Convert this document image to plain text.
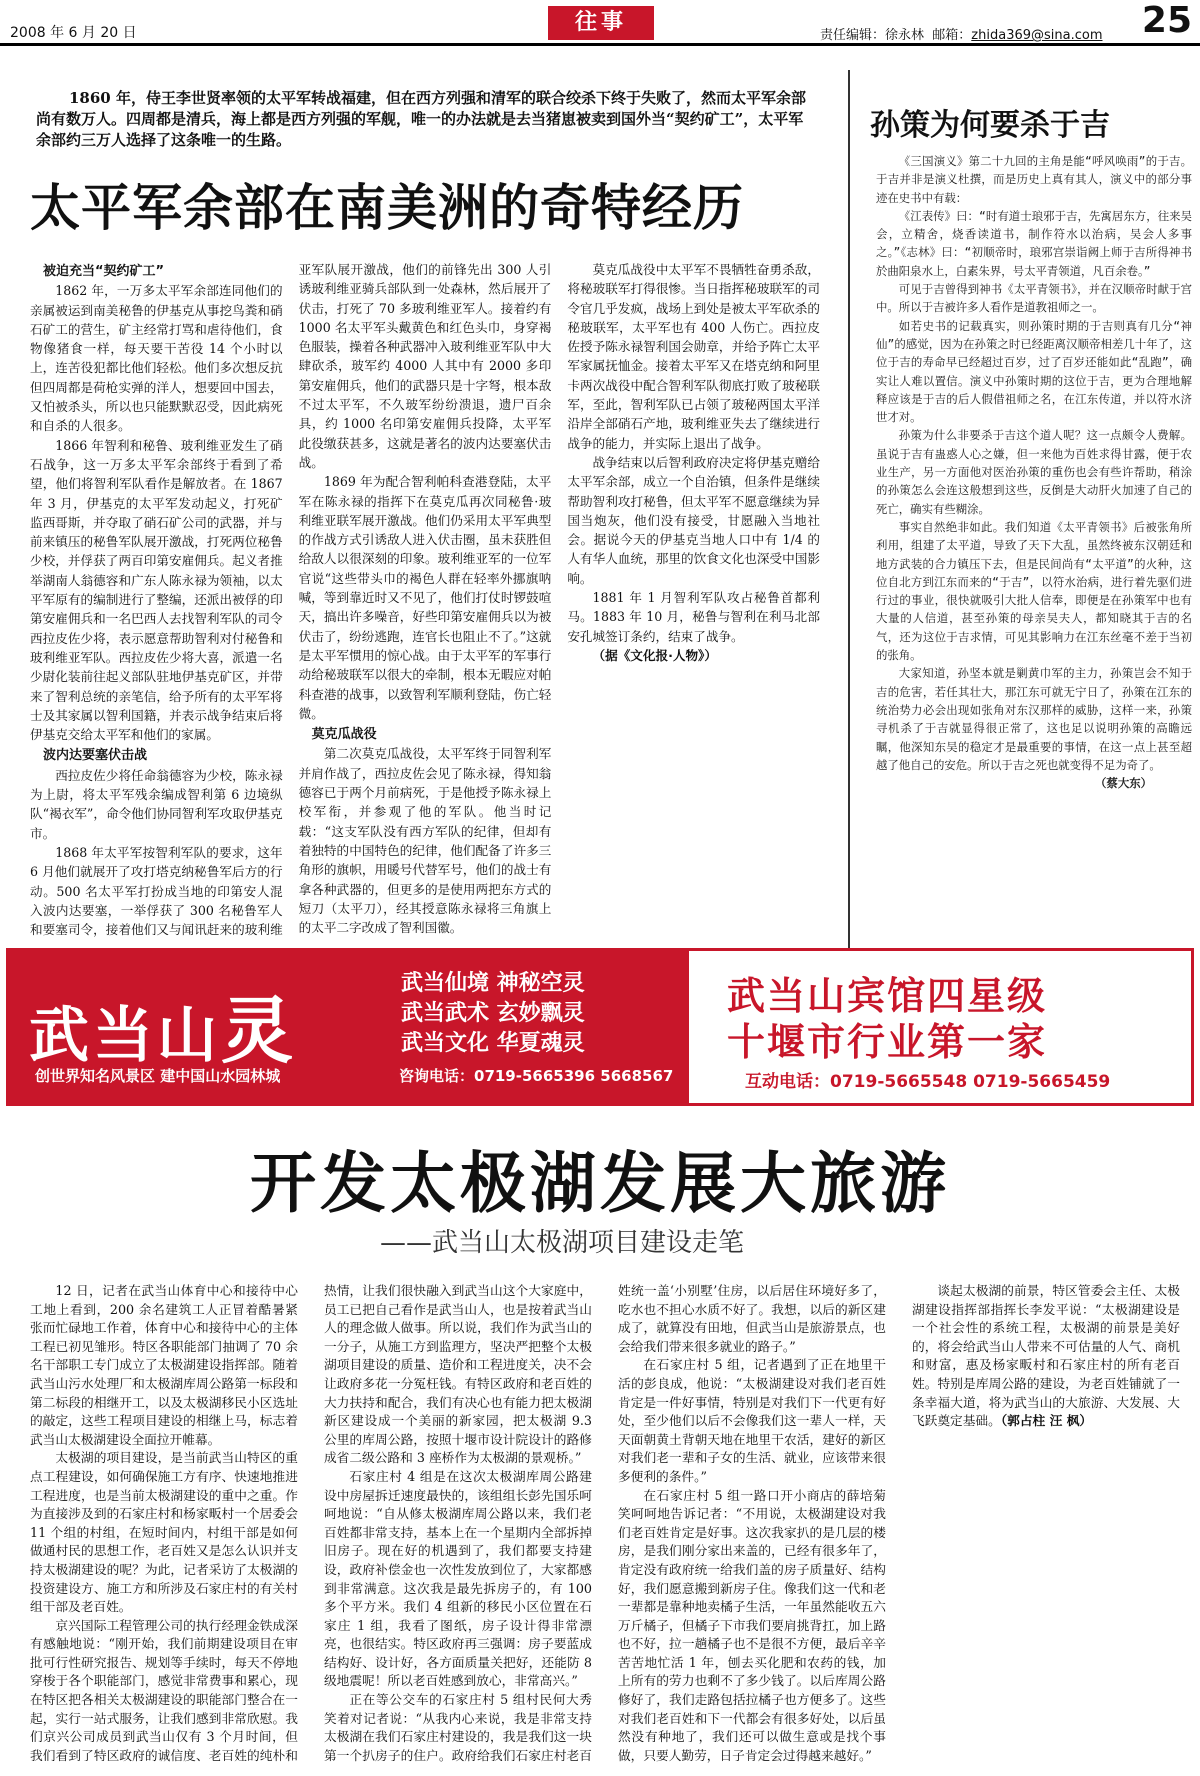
2008 年 6 月 20 日	往事
责任编辑：徐永林 邮箱：zhida369@sina.com 25

1860 年，侍王李世贤率领的太平军转战福建，但在西方列强和清军的联合绞杀下终于失败了，然而太平军余部尚有数万人。四周都是清兵，海上都是西方列强的军舰，唯一的办法就是去当猪崽被卖到国外当“契约矿工”，太平军余部约三万人选择了这条唯一的生路。

太平军余部在南美洲的奇特经历
被迫充当“契约矿工”

1862 年，一万多太平军余部连同他们的亲属被运到南美秘鲁的伊基克从事挖鸟粪和硝石矿工的营生，矿主经常打骂和虐待他们，食物像猪食一样，每天要干苦役 14 个小时以上，连苦役犯都比他们轻松。他们多次想反抗但四周都是荷枪实弹的洋人，想要回中国去，又怕被杀头，所以也只能默默忍受，因此病死和自杀的人很多。

1866 年智利和秘鲁、玻利维亚发生了硝石战争，这一万多太平军余部终于看到了希望，他们将智利军队看作是解放者。在 1867 年 3 月，伊基克的太平军发动起义，打死矿监西哥斯，并夺取了硝石矿公司的武器，并与前来镇压的秘鲁军队展开激战，打死两位秘鲁少校，并俘获了两百印第安雇佣兵。起义者推举湖南人翁德容和广东人陈永禄为领袖，以太平军原有的编制进行了整编，还派出被俘的印第安雇佣兵和一名巴西人去找智利军队的司令西拉皮佐少将，表示愿意帮助智利对付秘鲁和玻利维亚军队。西拉皮佐少将大喜，派遣一名少尉化装前往起义部队驻地伊基克矿区，并带来了智利总统的亲笔信，给予所有的太平军将士及其家属以智利国籍，并表示战争结束后将伊基克交给太平军和他们的家属。

波内达要塞伏击战

西拉皮佐少将任命翁德容为少校，陈永禄为上尉，将太平军残余编成智利第 6 边境纵队“褐衣军”，命令他们协同智利军攻取伊基克市。

1868 年太平军按智利军队的要求，这年 6 月他们就展开了攻打塔克纳秘鲁军后方的行动。500 名太平军打扮成当地的印第安人混入波内达要塞，一举俘获了 300 名秘鲁军人和要塞司令，接着他们又与闻讯赶来的玻利维亚军队展开激战，他们的前锋先出 300 人引诱玻利维亚骑兵部队到一处森林，然后展开了伏击，打死了 70 多玻利维亚军人。接着约有 1000 名太平军头戴黄色和红色头巾，身穿褐色服装，操着各种武器冲入玻利维亚军队中大肆砍杀，玻军约 4000 人其中有 2000 多印第安雇佣兵，他们的武器只是十字弩，根本敌不过太平军，不久玻军纷纷溃退，遗尸百余具，约 1000 名印第安雇佣兵投降，太平军此役缴获甚多，这就是著名的波内达要塞伏击战。

1869 年为配合智利帕科查港登陆，太平军在陈永禄的指挥下在莫克瓜再次同秘鲁·玻利维亚联军展开激战。他们仍采用太平军典型的作战方式引诱敌人进入伏击圈，虽未获胜但给敌人以很深刻的印象。玻利维亚军的一位军官说“这些带头巾的褐色人群在轻率外挪旗呐喊，等到靠近时又不见了，他们打仗时锣鼓喧天，搞出许多噪音，好些印第安雇佣兵以为被伏击了，纷纷逃跑，连官长也阻止不了。”这就是太平军惯用的惊心战。由于太平军的军事行动给秘玻联军以很大的牵制，根本无暇应对帕科查港的战事，以致智利军顺利登陆，伤亡轻微。

莫克瓜战役

第二次莫克瓜战役，太平军终于同智利军并肩作战了，西拉皮佐会见了陈永禄，得知翁德容已于两个月前病死，于是他授予陈永禄上校军衔，并参观了他的军队。他当时记载：“这支军队没有西方军队的纪律，但却有着独特的中国特色的纪律，他们配备了许多三角形的旗帜，用暖号代替军号，他们的战士有拿各种武器的，但更多的是使用两把东方式的短刀（太平刀），经其授意陈永禄将三角旗上的太平二字改成了智利国徽。

莫克瓜战役中太平军不畏牺牲奋勇杀敌，将秘玻联军打得很惨。当日指挥秘玻联军的司令官几乎发疯，战场上到处是被太平军砍杀的秘玻联军，太平军也有 400 人伤亡。西拉皮佐授予陈永禄智利国会勋章，并给予阵亡太平军家属抚恤金。接着太平军又在塔克纳和阿里卡两次战役中配合智利军队彻底打败了玻秘联军，至此，智利军队已占领了玻秘两国太平洋沿岸全部硝石产地，玻利维亚失去了继续进行战争的能力，并实际上退出了战争。

战争结束以后智利政府决定将伊基克赠给太平军余部，成立一个自治镇，但条件是继续帮助智利攻打秘鲁，但太平军不愿意继续为异国当炮灰，他们没有接受，甘愿融入当地社会。据说今天的伊基克当地人口中有 1/4 的人有华人血统，那里的饮食文化也深受中国影响。

1881 年 1 月智利军队攻占秘鲁首都利马。1883 年 10 月，秘鲁与智利在利马北部安孔城签订条约，结束了战争。

（据《文化报·人物》）

孙策为何要杀于吉

《三国演义》第二十九回的主角是能“呼风唤雨”的于吉。于吉并非是演义杜撰，而是历史上真有其人，演义中的部分事迹在史书中有载：

《江表传》曰：“时有道士琅邪于吉，先寓居东方，往来吴会，立精舍，烧香读道书，制作符水以治病，吴会人多事之。”《志林》曰：“初顺帝时，琅邪宫崇诣阙上师于吉所得神书於曲阳泉水上，白素朱界，号太平青领道，凡百余卷。”

可见于吉曾得到神书《太平青领书》，并在汉顺帝时献于宫中。所以于吉被许多人看作是道教祖师之一。

如若史书的记载真实，则孙策时期的于吉则真有几分“神仙”的感觉，因为在孙策之时已经距离汉顺帝相差几十年了，这位于吉的寿命早已经超过百岁，过了百岁还能如此“乱跑”，确实让人难以置信。演义中孙策时期的这位于吉，更为合理地解释应该是于吉的后人假借祖师之名，在江东传道，并以符水济世才对。

孙策为什么非要杀于吉这个道人呢？这一点颇令人费解。虽说于吉有蛊惑人心之嫌，但一来他为百姓求得甘露，便于农业生产，另一方面他对医治孙策的重伤也会有些许帮助，稍涂的孙策怎么会连这般想到这些，反倒是大动肝火加速了自己的死亡，确实有些糊涂。

事实自然绝非如此。我们知道《太平青领书》后被张角所利用，组建了太平道，导致了天下大乱，虽然终被东汉朝廷和地方武装的合力镇压下去，但是民间尚有“太平道”的火种，这位自北方到江东而来的“于吉”，以符水治病，进行着先驱们进行过的事业，很快就吸引大批人信奉，即便是在孙策军中也有大量的人信道，甚至孙策的母亲吴夫人，都知晓其于吉的名气，还为这位于吉求情，可见其影响力在江东丝毫不差于当初的张角。

大家知道，孙坚本就是剿黄巾军的主力，孙策岂会不知于吉的危害，若任其壮大，那江东可就无宁日了，孙策在江东的统治势力必会出现如张角对东汉那样的威胁，这样一来，孙策寻机杀了于吉就显得很正常了，这也足以说明孙策的高瞻远瞩，他深知东吴的稳定才是最重要的事情，在这一点上甚至超越了他自己的安危。所以于吉之死也就变得不足为奇了。

（蔡大东）

武当山灵
武当仙境 神秘空灵
武当武术 玄妙飘灵
武当文化 华夏魂灵
创世界知名风景区 建中国山水园林城	咨询电话：0719-5665396 5668567
武当山宾馆四星级
十堰市行业第一家
互动电话：0719-5665548 0719-5665459
开发太极湖发展大旅游
——武当山太极湖项目建设走笔

12 日，记者在武当山体育中心和接待中心工地上看到，200 余名建筑工人正冒着酷暑紧张而忙碌地工作着，体育中心和接待中心的主体工程已初见雏形。特区各职能部门抽调了 70 余名干部职工专门成立了太极湖建设指挥部。随着武当山污水处理厂和太极湖库周公路第一标段和第二标段的相继开工，以及太极湖移民小区选址的敲定，这些工程项目建设的相继上马，标志着武当山太极湖建设全面拉开帷幕。

太极湖的项目建设，是当前武当山特区的重点工程建设，如何确保施工方有序、快速地推进工程进度，也是当前太极湖建设的重中之重。作为直接涉及到的石家庄村和杨家畈村一个居委会 11 个组的村组，在短时间内，村组干部是如何做通村民的思想工作，老百姓又是怎么认识并支持太极湖建设的呢？为此，记者采访了太极湖的投资建设方、施工方和所涉及石家庄村的有关村组干部及老百姓。

京兴国际工程管理公司的执行经理金铁成深有感触地说：“刚开始，我们前期建设项目在审批可行性研究报告、规划等手续时，每天不停地穿梭于各个职能部门，感觉非常费事和累心，现在特区把各相关太极湖建设的职能部门整合在一起，实行一站式服务，让我们感到非常欣慰。我们京兴公司成员到武当山仅有 3 个月时间，但我们看到了特区政府的诚信度、老百姓的纯朴和热情，让我们很快融入到武当山这个大家庭中，员工已把自己看作是武当山人，也是按着武当山人的理念做人做事。所以说，我们作为武当山的一分子，从施工方到监理方，坚决严把整个太极湖项目建设的质量、造价和工程进度关，决不会让政府多花一分冤枉钱。有特区政府和老百姓的大力扶持和配合，我们有决心也有能力把太极湖新区建设成一个美丽的新家园，把太极湖 9.3 公里的库周公路，按照十堰市设计院设计的路修成省二级公路和 3 座桥作为太极湖的景观桥。”

石家庄村 4 组是在这次太极湖库周公路建设中房屋拆迁速度最快的，该组组长彭先国乐呵呵地说：“自从修太极湖库周公路以来，我们老百姓都非常支持，基本上在一个星期内全部拆掉旧房子。现在好的机遇到了，我们都要支持建设，政府补偿金也一次性发放到位了，大家都感到非常满意。这次我是最先拆房子的，有 100 多个平方米。我们 4 组新的移民小区位置在石家庄 1 组，我看了图纸，房子设计得非常漂亮，也很结实。特区政府再三强调：房子要蓝成结构好、设计好，各方面质量关把好，还能防 8 级地震呢！所以老百姓感到放心，非常高兴。”

正在等公交车的石家庄村 5 组村民何大秀笑着对记者说：“从我内心来说，我是非常支持太极湖在我们石家庄村建设的，我是我们这一块第一个扒房子的住户。政府给我们石家庄村老百姓统一盖‘小别墅’住房，以后居住环境好多了，吃水也不担心水质不好了。我想，以后的新区建成了，就算没有田地，但武当山是旅游景点，也会给我们带来很多就业的路子。”

在石家庄村 5 组，记者遇到了正在地里干活的彭良成，他说：“太极湖建设对我们老百姓肯定是一件好事情，特别是对我们下一代更有好处，至少他们以后不会像我们这一辈人一样，天天面朝黄土背朝天地在地里干农活，建好的新区对我们老一辈和子女的生活、就业，应该带来很多便利的条件。”

在石家庄村 5 组一路口开小商店的薛培菊笑呵呵地告诉记者：“不用说，太极湖建设对我们老百姓肯定是好事。这次我家扒的是几层的楼房，是我们刚分家出来盖的，已经有很多年了，肯定没有政府统一给我们盖的房子质量好、结构好，我们愿意搬到新房子住。像我们这一代和老一辈都是靠种地卖橘子生活，一年虽然能收五六万斤橘子，但橘子下市我们要肩挑背扛，加上路也不好，拉一趟橘子也不是很不方便，最后辛辛苦苦地忙活 1 年，刨去买化肥和农药的钱，加上所有的劳力也剩不了多少钱了。以后库周公路修好了，我们走路包括拉橘子也方便多了。这些对我们老百姓和下一代都会有很多好处，以后虽然没有种地了，我们还可以做生意或是找个事做，只要人勤劳，日子肯定会过得越来越好。”

谈起太极湖的前景，特区管委会主任、太极湖建设指挥部指挥长李发平说：“太极湖建设是一个社会性的系统工程，太极湖的前景是美好的，将会给武当山人带来不可估量的人气、商机和财富，惠及杨家畈村和石家庄村的所有老百姓。特别是库周公路的建设，为老百姓铺就了一条幸福大道，将为武当山的大旅游、大发展、大飞跃奠定基础。（郭占柱 汪 枫）
